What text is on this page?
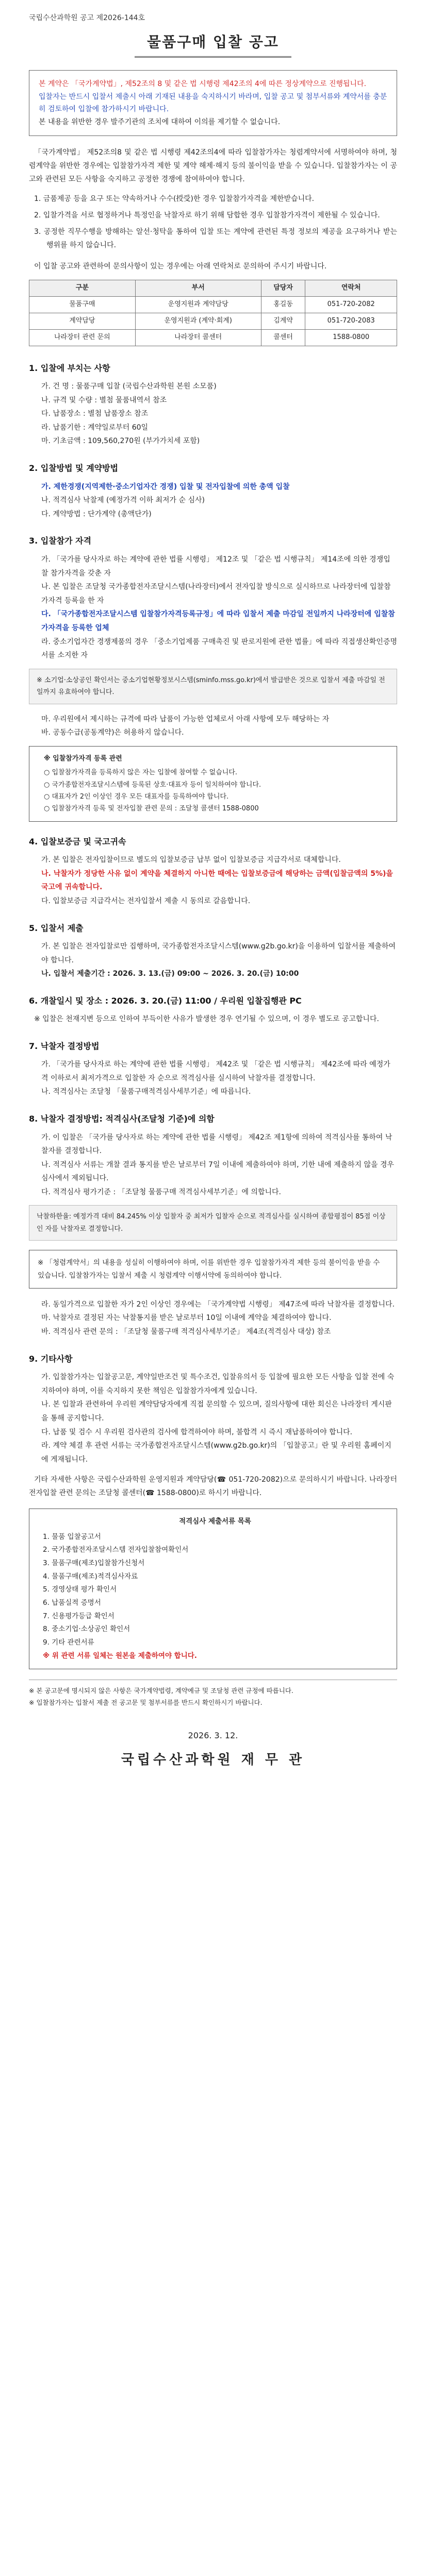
국립수산과학원 공고 제2026-144호
물품구매 입찰 공고
본 계약은 「국가계약법」, 제52조의 8 및 같은 법 시행령 제42조의 4에 따른 정상계약으로 진행됩니다.
입찰자는 반드시 입찰서 제출시 아래 기재된 내용을 숙지하시기 바라며, 입찰 공고 및 첨부서류와 계약서를 충분히 검토하여 입찰에 참가하시기 바랍니다.
본 내용을 위반한 경우 발주기관의 조치에 대하여 이의를 제기할 수 없습니다.

「국가계약법」 제52조의8 및 같은 법 시행령 제42조의4에 따라 입찰참가자는 청렴계약서에 서명하여야 하며, 청렴계약을 위반한 경우에는 입찰참가자격 제한 및 계약 해제·해지 등의 불이익을 받을 수 있습니다. 입찰참가자는 이 공고와 관련된 모든 사항을 숙지하고 공정한 경쟁에 참여하여야 합니다.

1. 금품제공 등을 요구 또는 약속하거나 수수(授受)한 경우 입찰참가자격을 제한받습니다.
2. 입찰가격을 서로 협정하거나 특정인을 낙찰자로 하기 위해 담합한 경우 입찰참가자격이 제한될 수 있습니다.
3. 공정한 직무수행을 방해하는 알선·청탁을 통하여 입찰 또는 계약에 관련된 특정 정보의 제공을 요구하거나 받는 행위를 하지 않습니다.

이 입찰 공고와 관련하여 문의사항이 있는 경우에는 아래 연락처로 문의하여 주시기 바랍니다.

구분	부서	담당자	연락처
물품구매	운영지원과 계약담당	홍길동	051-720-2082
계약담당	운영지원과 (계약·회계)	김계약	051-720-2083
나라장터 관련 문의	나라장터 콜센터	콜센터	1588-0800
1. 입찰에 부치는 사항
가. 건 명 : 물품구매 입찰 (국립수산과학원 본원 소모품)
나. 규격 및 수량 : 별첨 물품내역서 참조
다. 납품장소 : 별첨 납품장소 참조
라. 납품기한 : 계약일로부터 60일
마. 기초금액 : 109,560,270원 (부가가치세 포함)
2. 입찰방법 및 계약방법
가. 제한경쟁(지역제한·중소기업자간 경쟁) 입찰 및 전자입찰에 의한 총액 입찰
나. 적격심사 낙찰제 (예정가격 이하 최저가 순 심사)
다. 계약방법 : 단가계약 (총액단가)
3. 입찰참가 자격
가. 「국가를 당사자로 하는 계약에 관한 법률 시행령」 제12조 및 「같은 법 시행규칙」 제14조에 의한 경쟁입찰 참가자격을 갖춘 자
나. 본 입찰은 조달청 국가종합전자조달시스템(나라장터)에서 전자입찰 방식으로 실시하므로 나라장터에 입찰참가자격 등록을 한 자
다. 「국가종합전자조달시스템 입찰참가자격등록규정」에 따라 입찰서 제출 마감일 전일까지 나라장터에 입찰참가자격을 등록한 업체
라. 중소기업자간 경쟁제품의 경우 「중소기업제품 구매촉진 및 판로지원에 관한 법률」에 따라 직접생산확인증명서를 소지한 자
※ 소기업·소상공인 확인서는 중소기업현황정보시스템(sminfo.mss.go.kr)에서 발급받은 것으로 입찰서 제출 마감일 전일까지 유효하여야 합니다.
마. 우리원에서 제시하는 규격에 따라 납품이 가능한 업체로서 아래 사항에 모두 해당하는 자
바. 공동수급(공동계약)은 허용하지 않습니다.
※ 입찰참가자격 등록 관련
○ 입찰참가자격을 등록하지 않은 자는 입찰에 참여할 수 없습니다.
○ 국가종합전자조달시스템에 등록된 상호·대표자 등이 일치하여야 합니다.
○ 대표자가 2인 이상인 경우 모든 대표자를 등록하여야 합니다.
○ 입찰참가자격 등록 및 전자입찰 관련 문의 : 조달청 콜센터 1588-0800
4. 입찰보증금 및 국고귀속
가. 본 입찰은 전자입찰이므로 별도의 입찰보증금 납부 없이 입찰보증금 지급각서로 대체합니다.
나. 낙찰자가 정당한 사유 없이 계약을 체결하지 아니한 때에는 입찰보증금에 해당하는 금액(입찰금액의 5%)을 국고에 귀속합니다.
다. 입찰보증금 지급각서는 전자입찰서 제출 시 동의로 갈음합니다.
5. 입찰서 제출
가. 본 입찰은 전자입찰로만 집행하며, 국가종합전자조달시스템(www.g2b.go.kr)을 이용하여 입찰서를 제출하여야 합니다.
나. 입찰서 제출기간 : 2026. 3. 13.(금) 09:00 ~ 2026. 3. 20.(금) 10:00
6. 개찰일시 및 장소 : 2026. 3. 20.(금) 11:00 / 우리원 입찰집행관 PC

※ 입찰은 천재지변 등으로 인하여 부득이한 사유가 발생한 경우 연기될 수 있으며, 이 경우 별도로 공고합니다.

7. 낙찰자 결정방법
가. 「국가를 당사자로 하는 계약에 관한 법률 시행령」 제42조 및 「같은 법 시행규칙」 제42조에 따라 예정가격 이하로서 최저가격으로 입찰한 자 순으로 적격심사를 실시하여 낙찰자를 결정합니다.
나. 적격심사는 조달청 「물품구매적격심사세부기준」에 따릅니다.
8. 낙찰자 결정방법: 적격심사(조달청 기준)에 의함
가. 이 입찰은 「국가를 당사자로 하는 계약에 관한 법률 시행령」 제42조 제1항에 의하여 적격심사를 통하여 낙찰자를 결정합니다.
나. 적격심사 서류는 개찰 결과 통지를 받은 날로부터 7일 이내에 제출하여야 하며, 기한 내에 제출하지 않을 경우 심사에서 제외됩니다.
다. 적격심사 평가기준 : 「조달청 물품구매 적격심사세부기준」에 의합니다.
낙찰하한율: 예정가격 대비 84.245% 이상 입찰자 중 최저가 입찰자 순으로 적격심사를 실시하여 종합평점이 85점 이상인 자를 낙찰자로 결정합니다.
※ 「청렴계약서」의 내용을 성실히 이행하여야 하며, 이를 위반한 경우 입찰참가자격 제한 등의 불이익을 받을 수 있습니다. 입찰참가자는 입찰서 제출 시 청렴계약 이행서약에 동의하여야 합니다.
라. 동일가격으로 입찰한 자가 2인 이상인 경우에는 「국가계약법 시행령」 제47조에 따라 낙찰자를 결정합니다.
마. 낙찰자로 결정된 자는 낙찰통지를 받은 날로부터 10일 이내에 계약을 체결하여야 합니다.
바. 적격심사 관련 문의 : 「조달청 물품구매 적격심사세부기준」 제4조(적격심사 대상) 참조
9. 기타사항
가. 입찰참가자는 입찰공고문, 계약일반조건 및 특수조건, 입찰유의서 등 입찰에 필요한 모든 사항을 입찰 전에 숙지하여야 하며, 이를 숙지하지 못한 책임은 입찰참가자에게 있습니다.
나. 본 입찰과 관련하여 우리원 계약담당자에게 직접 문의할 수 있으며, 질의사항에 대한 회신은 나라장터 게시판을 통해 공지합니다.
다. 납품 및 검수 시 우리원 검사관의 검사에 합격하여야 하며, 불합격 시 즉시 재납품하여야 합니다.
라. 계약 체결 후 관련 서류는 국가종합전자조달시스템(www.g2b.go.kr)의 「입찰공고」란 및 우리원 홈페이지에 게재됩니다.

기타 자세한 사항은 국립수산과학원 운영지원과 계약담당(☎ 051-720-2082)으로 문의하시기 바랍니다. 나라장터 전자입찰 관련 문의는 조달청 콜센터(☎ 1588-0800)로 하시기 바랍니다.

적격심사 제출서류 목록
1. 물품 입찰공고서
2. 국가종합전자조달시스템 전자입찰참여확인서
3. 물품구매(제조)입찰참가신청서
4. 물품구매(제조)적격심사자료
5. 경영상태 평가 확인서
6. 납품실적 증명서
7. 신용평가등급 확인서
8. 중소기업·소상공인 확인서
9. 기타 관련서류
※ 위 관련 서류 일체는 원본을 제출하여야 합니다.
※ 본 공고문에 명시되지 않은 사항은 국가계약법령, 계약예규 및 조달청 관련 규정에 따릅니다.
※ 입찰참가자는 입찰서 제출 전 공고문 및 첨부서류를 반드시 확인하시기 바랍니다.
2026. 3. 12.
국립수산과학원 재 무 관
